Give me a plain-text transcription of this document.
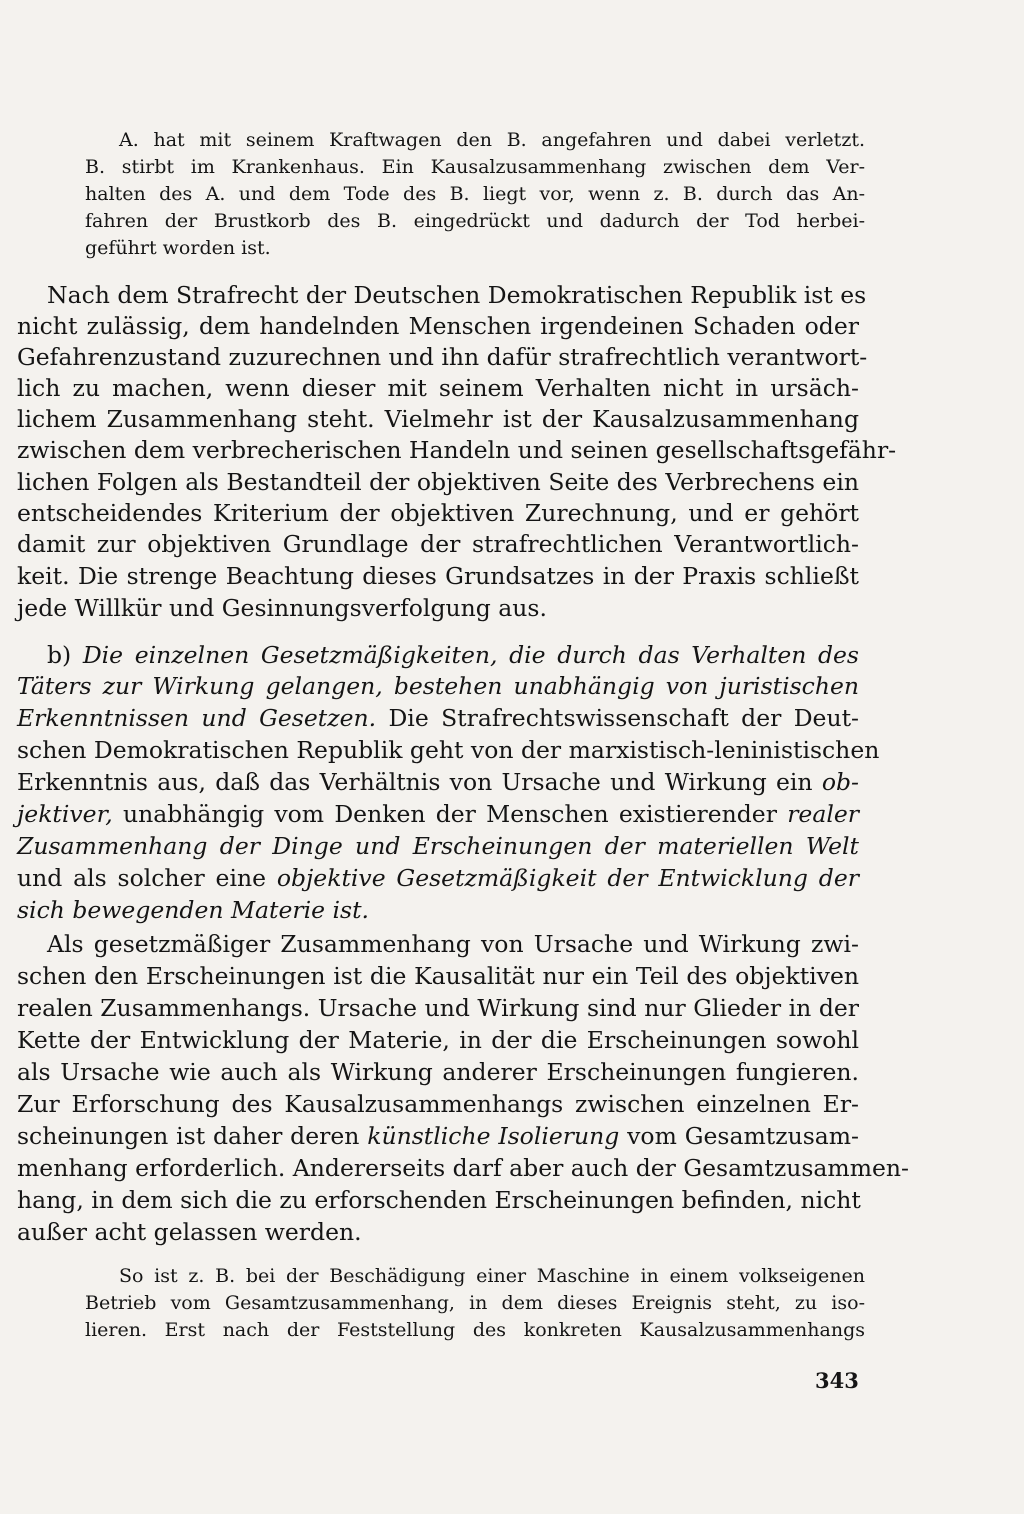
A. hat mit seinem Kraftwagen den B. angefahren und dabei verletzt.
B. stirbt im Krankenhaus. Ein Kausalzusammenhang zwischen dem Ver-
halten des A. und dem Tode des B. liegt vor, wenn z. B. durch das An-
fahren der Brustkorb des B. eingedrückt und dadurch der Tod herbei-
geführt worden ist.
Nach dem Strafrecht der Deutschen Demokratischen Republik ist es
nicht zulässig, dem handelnden Menschen irgendeinen Schaden oder
Gefahrenzustand zuzurechnen und ihn dafür strafrechtlich verantwort-
lich zu machen, wenn dieser mit seinem Verhalten nicht in ursäch-
lichem Zusammenhang steht. Vielmehr ist der Kausalzusammenhang
zwischen dem verbrecherischen Handeln und seinen gesellschaftsgefähr-
lichen Folgen als Bestandteil der objektiven Seite des Verbrechens ein
entscheidendes Kriterium der objektiven Zurechnung, und er gehört
damit zur objektiven Grundlage der strafrechtlichen Verantwortlich-
keit. Die strenge Beachtung dieses Grundsatzes in der Praxis schließt
jede Willkür und Gesinnungsverfolgung aus.
b) Die einzelnen Gesetzmäßigkeiten, die durch das Verhalten des
Täters zur Wirkung gelangen, bestehen unabhängig von juristischen
Erkenntnissen und Gesetzen. Die Strafrechtswissenschaft der Deut-
schen Demokratischen Republik geht von der marxistisch-leninistischen
Erkenntnis aus, daß das Verhältnis von Ursache und Wirkung ein ob-
jektiver, unabhängig vom Denken der Menschen existierender realer
Zusammenhang der Dinge und Erscheinungen der materiellen Welt
und als solcher eine objektive Gesetzmäßigkeit der Entwicklung der
sich bewegenden Materie ist.
Als gesetzmäßiger Zusammenhang von Ursache und Wirkung zwi-
schen den Erscheinungen ist die Kausalität nur ein Teil des objektiven
realen Zusammenhangs. Ursache und Wirkung sind nur Glieder in der
Kette der Entwicklung der Materie, in der die Erscheinungen sowohl
als Ursache wie auch als Wirkung anderer Erscheinungen fungieren.
Zur Erforschung des Kausalzusammenhangs zwischen einzelnen Er-
scheinungen ist daher deren künstliche Isolierung vom Gesamtzusam-
menhang erforderlich. Andererseits darf aber auch der Gesamtzusammen-
hang, in dem sich die zu erforschenden Erscheinungen befinden, nicht
außer acht gelassen werden.
So ist z. B. bei der Beschädigung einer Maschine in einem volkseigenen
Betrieb vom Gesamtzusammenhang, in dem dieses Ereignis steht, zu iso-
lieren. Erst nach der Feststellung des konkreten Kausalzusammenhangs
343
